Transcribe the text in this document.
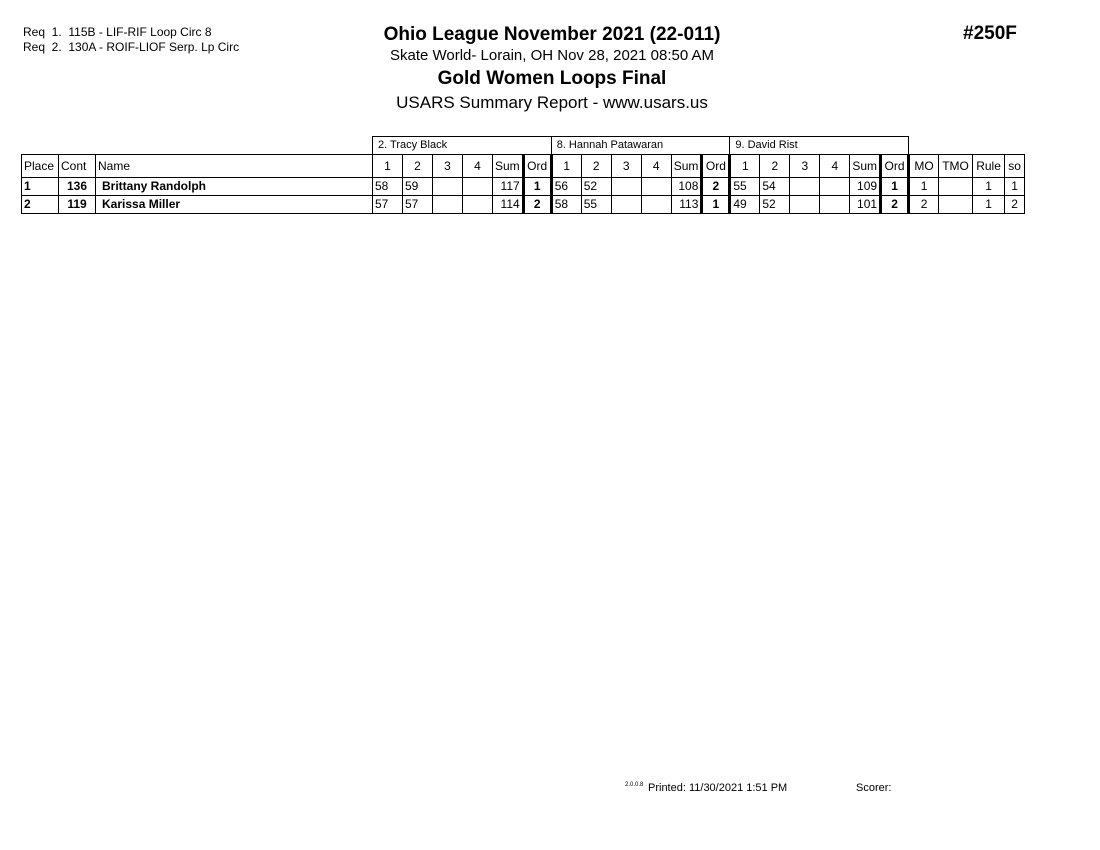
Req  1.  115B - LIF-RIF Loop Circ 8
Req  2.  130A - ROIF-LIOF Serp. Lp Circ
Ohio League November 2021 (22-011)
Skate World- Lorain, OH Nov 28, 2021 08:50 AM
Gold Women Loops Final
USARS Summary Report - www.usars.us
#250F
			2. Tracy Black						8. Hannah Patawaran						9. David Rist									
Place	Cont	Name	1	2	3	4	Sum	Ord	1	2	3	4	Sum	Ord	1	2	3	4	Sum	Ord	MO	TMO	Rule	so
1	136	Brittany Randolph	58	59			117	1	56	52			108	2	55	54			109	1	1		1	1
2	119	Karissa Miller	57	57			114	2	58	55			113	1	49	52			101	2	2		1	2
2.0.0.8 Printed: 11/30/2021 1:51 PM	Scorer:
